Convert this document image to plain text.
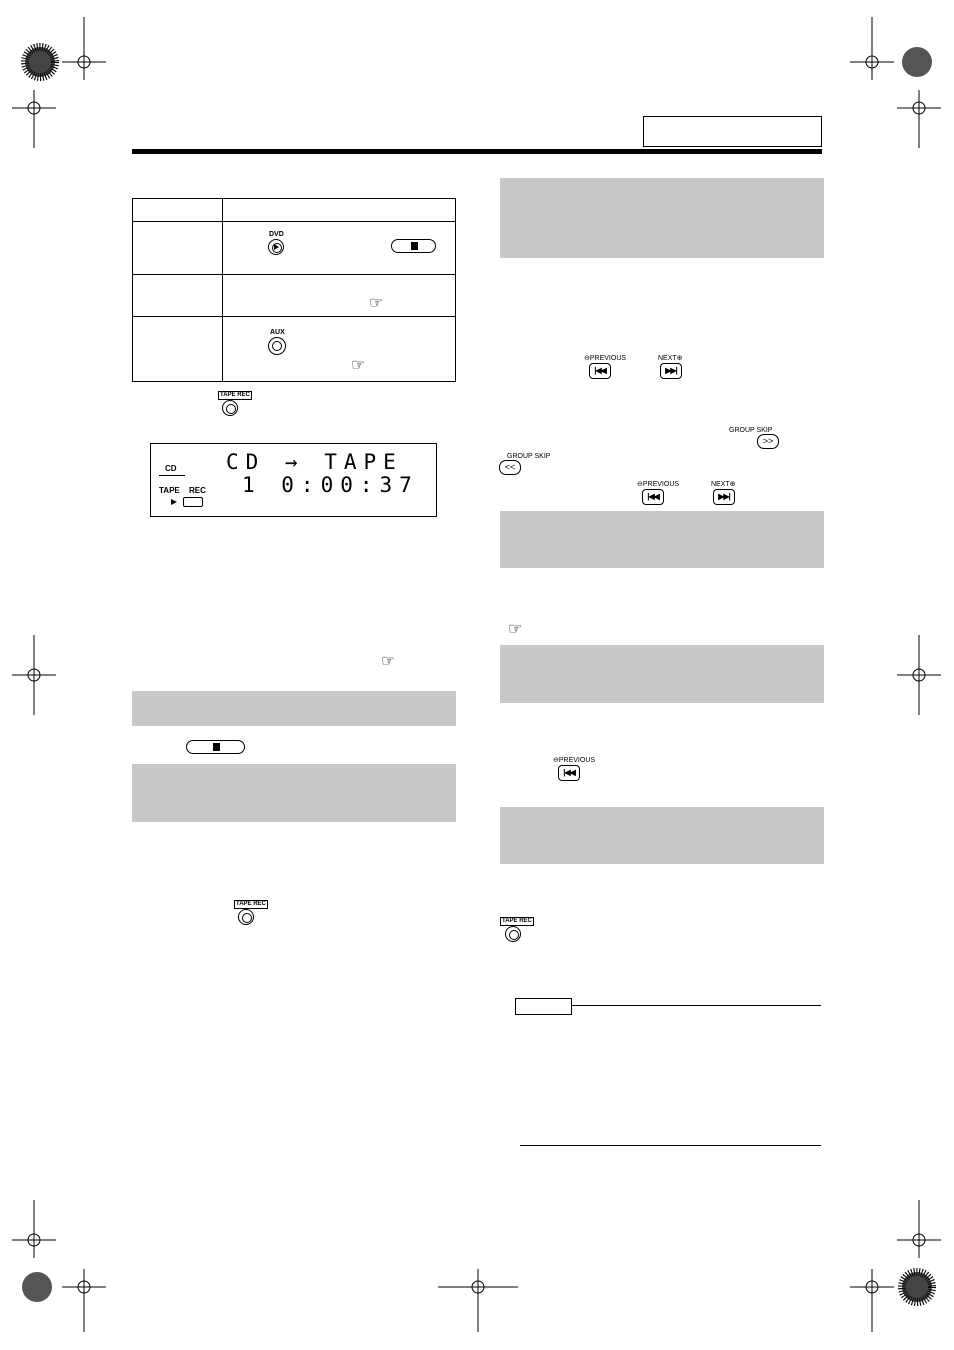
DVD
☞
AUX
☞
TAPE REC
CD
TAPE REC
CD → TAPE
1 0:00:37
☞
TAPE REC
⊖PREVIOUS
|◀◀
NEXT⊕
▶▶|
GROUP SKIP
>>
GROUP SKIP
<<
⊖PREVIOUS
|◀◀
NEXT⊕
▶▶|
☞
⊖PREVIOUS
|◀◀
TAPE REC
